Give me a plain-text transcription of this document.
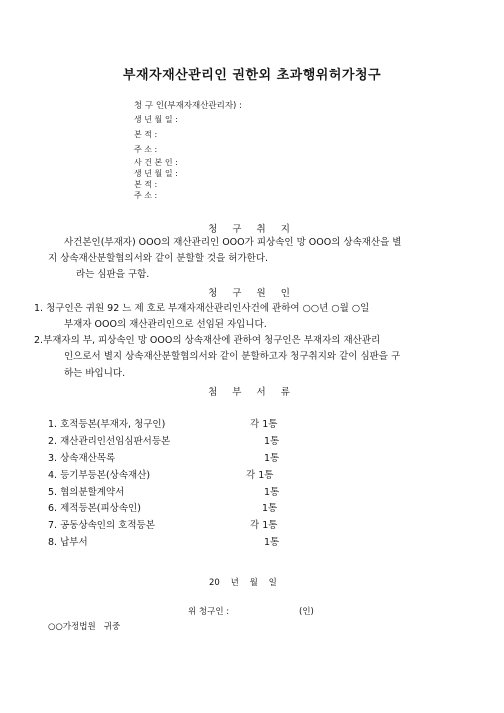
부재자재산관리인 권한외 초과행위허가청구
청 구 인(부재자재산관리자) :
생 년 월 일 :
본 적 :
주 소 :
사 건 본 인 :
생 년 월 일 :
본 적 :
주 소 :
청 구 취 지
사건본인(부재자) OOO의 재산관리인 OOO가 피상속인 망 OOO의 상속재산을 별
지 상속재산분할협의서와 같이 분할할 것을 허가한다.
라는 심판을 구함.
청 구 원 인
1. 청구인은 귀원 92 느 제 호로 부재자재산관리인사건에 관하여 ○○년 ○월 ○일
부재자 OOO의 재산관리인으로 선임된 자입니다.
2.부재자의 부, 피상속인 망 OOO의 상속재산에 관하여 청구인은 부재자의 재산관리
인으로서 별지 상속재산분할협의서와 같이 분할하고자 청구취지와 같이 심판을 구
하는 바입니다.
첨 부 서 류
1. 호적등본(부재자, 청구인)	각 1통
2. 재산관리인선임심판서등본	1통
3. 상속재산목록	1통
4. 등기부등본(상속재산)	각 1통
5. 협의분할계약서	1통
6. 제적등본(피상속인)	1통
7. 공동상속인의 호적등본	각 1통
8. 납부서	1통
20    년    월    일
위 청구인 :	(인)
○○가정법원   귀중
